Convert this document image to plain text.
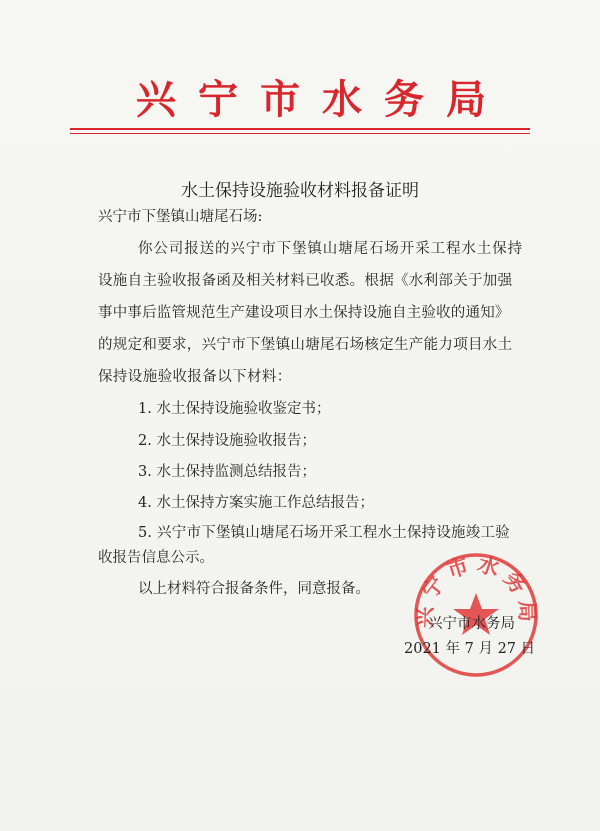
兴宁市水务局
水土保持设施验收材料报备证明
兴宁市下堡镇山塘尾石场:
你公司报送的兴宁市下堡镇山塘尾石场开采工程水土保持
设施自主验收报备函及相关材料已收悉。根据《水利部关于加强
事中事后监管规范生产建设项目水土保持设施自主验收的通知》
的规定和要求，兴宁市下堡镇山塘尾石场核定生产能力项目水土
保持设施验收报备以下材料：
1. 水土保持设施验收鉴定书；
2. 水土保持设施验收报告；
3. 水土保持监测总结报告；
4. 水土保持方案实施工作总结报告；
5. 兴宁市下堡镇山塘尾石场开采工程水土保持设施竣工验
收报告信息公示。
以上材料符合报备条件，同意报备。
兴宁市水务局
兴宁市水务局
2021 年 7 月 27 日
